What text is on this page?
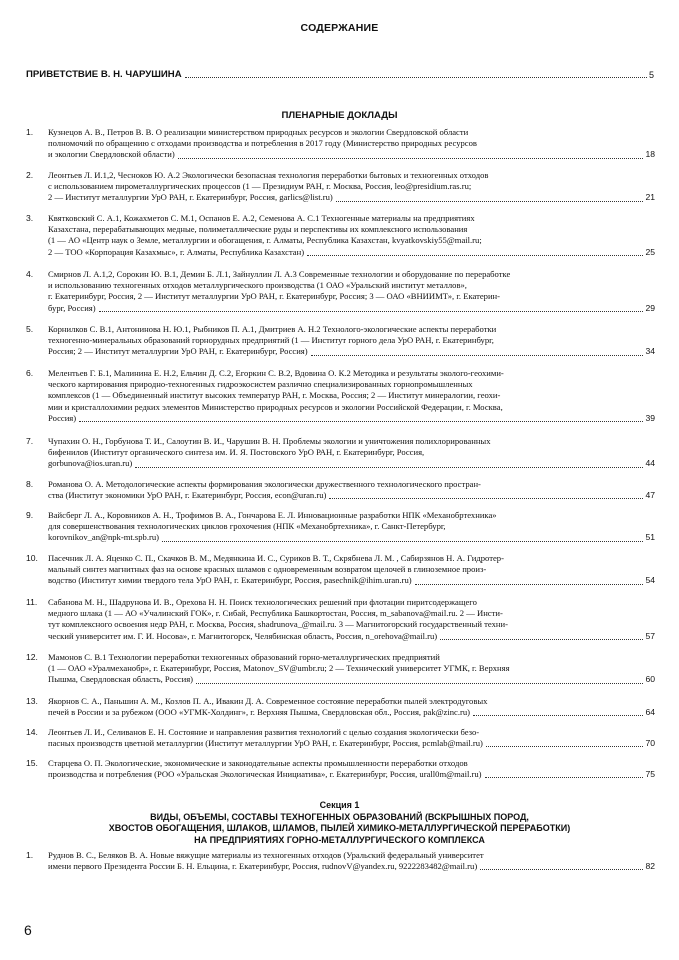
СОДЕРЖАНИЕ
ПРИВЕТСТВИЕ В. Н. ЧАРУШИНА	5
ПЛЕНАРНЫЕ ДОКЛАДЫ
1.	Кузнецов А. В., Петров В. В. О реализации министерством природных ресурсов и экологии Свердловской области
полномочий по обращению с отходами производства и потребления в 2017 году (Министерство природных ресурсов
и экологии Свердловской области)	18
2.	Леонтьев Л. И.1,2, Чесноков Ю. А.2 Экологически безопасная технология переработки бытовых и техногенных отходов
с использованием пирометаллургических процессов (1 — Президиум РАН, г. Москва, Россия, leo@presidium.ras.ru;
2 — Институт металлургии УрО РАН, г. Екатеринбург, Россия, garlics@list.ru)	21
3.	Квятковский С. А.1, Кожахметов С. М.1, Оспанов Е. А.2, Семенова А. С.1 Техногенные материалы на предприятиях
Казахстана, перерабатывающих медные, полиметаллические руды и перспективы их комплексного использования
(1 — АО «Центр наук о Земле, металлургии и обогащения, г. Алматы, Республика Казахстан, kvyatkovskiy55@mail.ru;
2 — ТОО «Корпорация Казахмыс», г. Алматы, Республика Казахстан)	25
4.	Смирнов Л. А.1,2, Сорокин Ю. В.1, Демин Б. Л.1, Зайнуллин Л. А.3 Современные технологии и оборудование по переработке
и использованию техногенных отходов металлургического производства (1 ОАО «Уральский институт металлов»,
г. Екатеринбург, Россия, 2 — Институт металлургии УрО РАН, г. Екатеринбург, Россия; 3 — ОАО «ВНИИМТ», г. Екатерин-
бург, Россия)	29
5.	Корнилков С. В.1, Антонинова Н. Ю.1, Рыбников П. А.1, Дмитриев А. Н.2 Технолого-экологические аспекты переработки
техногенно-минеральных образований горнорудных предприятий (1 — Институт горного дела УрО РАН, г. Екатеринбург,
Россия; 2 — Институт металлургии УрО РАН, г. Екатеринбург, Россия)	34
6.	Мелентьев Г. Б.1, Малинина Е. Н.2, Ельчин Д. С.2, Егоркин С. В.2, Вдовина О. К.2 Методика и результаты эколого-геохими-
ческого картирования природно-техногенных гидроэкосистем различно специализированных горнопромышленных
комплексов (1 — Объединенный институт высоких температур РАН, г. Москва, Россия; 2 — Институт минералогии, геохи-
мии и кристаллохимии редких элементов Министерство природных ресурсов и экологии Российской Федерации, г. Москва,
Россия)	39
7.	Чупахин О. Н., Горбунова Т. И., Салоутин В. И., Чарушин В. Н. Проблемы экологии и уничтожения полихлорированных
бифенилов (Институт органического синтеза им. И. Я. Постовского УрО РАН, г. Екатеринбург, Россия,
gorbunova@ios.uran.ru)	44
8.	Романова О. А. Методологические аспекты формирования экологически дружественного технологического простран-
ства (Институт экономики УрО РАН, г. Екатеринбург, Россия, econ@uran.ru)	47
9.	Вайсберг Л. А., Коровников А. Н., Трофимов В. А., Гончарова Е. Л. Инновационные разработки НПК «Механобртехника»
для совершенствования технологических циклов грохочения (НПК «Механобртехника», г. Санкт-Петербург,
korovnikov_an@npk-mt.spb.ru)	51
10.	Пасечник Л. А. Яценко С. П., Скачков В. М., Медянкина И. С., Суриков В. Т., Скрябнева Л. М. , Сабирзянов Н. А. Гидротер-
мальный синтез магнитных фаз на основе красных шламов с одновременным возвратом щелочей в глиноземное произ-
водство (Институт химии твердого тела УрО РАН, г. Екатеринбург, Россия, pasechnik@ihim.uran.ru)	54
11.	Сабанова М. Н., Шадрунова И. В., Орехова Н. Н. Поиск технологических решений при флотации пиритсодержащего
медного шлака (1 — АО «Учалинский ГОК», г. Сибай, Республика Башкортостан, Россия, m_sabanova@mail.ru. 2 — Инсти-
тут комплексного освоения недр РАН, г. Москва, Россия, shadrunova_@mail.ru. 3 — Магнитогорский государственный техни-
ческий университет им. Г. И. Носова», г. Магнитогорск, Челябинская область, Россия, n_orehova@mail.ru)	57
12.	Мамонов С. В.1 Технологии переработки техногенных образований горно-металлургических предприятий
(1 — ОАО «Уралмеханобр», г. Екатеринбург, Россия, Matonov_SV@umbr.ru; 2 — Технический университет УГМК, г. Верхняя
Пышма, Свердловская область, Россия)	60
13.	Якорнов С. А., Паньшин А. М., Козлов П. А., Ивакин Д. А. Современное состояние переработки пылей электродуговых
печей в России и за рубежом (ООО «УГМК-Холдинг», г. Верхняя Пышма, Свердловская обл., Россия, pak@zinc.ru)	64
14.	Леонтьев Л. И., Селиванов Е. Н. Состояние и направления развития технологий с целью создания экологически безо-
пасных производств цветной металлургии (Институт металлургии УрО РАН, г. Екатеринбург, Россия, pcmlab@mail.ru)	70
15.	Старцева О. П. Экологические, экономические и законодательные аспекты промышленности переработки отходов
производства и потребления (РОО «Уральская Экологическая Инициатива», г. Екатеринбург, Россия, urall0m@mail.ru)	75
Секция 1
ВИДЫ, ОБЪЕМЫ, СОСТАВЫ ТЕХНОГЕННЫХ ОБРАЗОВАНИЙ (ВСКРЫШНЫХ ПОРОД,
ХВОСТОВ ОБОГАЩЕНИЯ, ШЛАКОВ, ШЛАМОВ, ПЫЛЕЙ ХИМИКО-МЕТАЛЛУРГИЧЕСКОЙ ПЕРЕРАБОТКИ)
НА ПРЕДПРИЯТИЯХ ГОРНО-МЕТАЛЛУРГИЧЕСКОГО КОМПЛЕКСА
1.	Руднов В. С., Беляков В. А. Новые вяжущие материалы из техногенных отходов (Уральский федеральный университет
имени первого Президента России Б. Н. Ельцина, г. Екатеринбург, Россия, rudnovV@yandex.ru, 9222283482@mail.ru)	82
6
